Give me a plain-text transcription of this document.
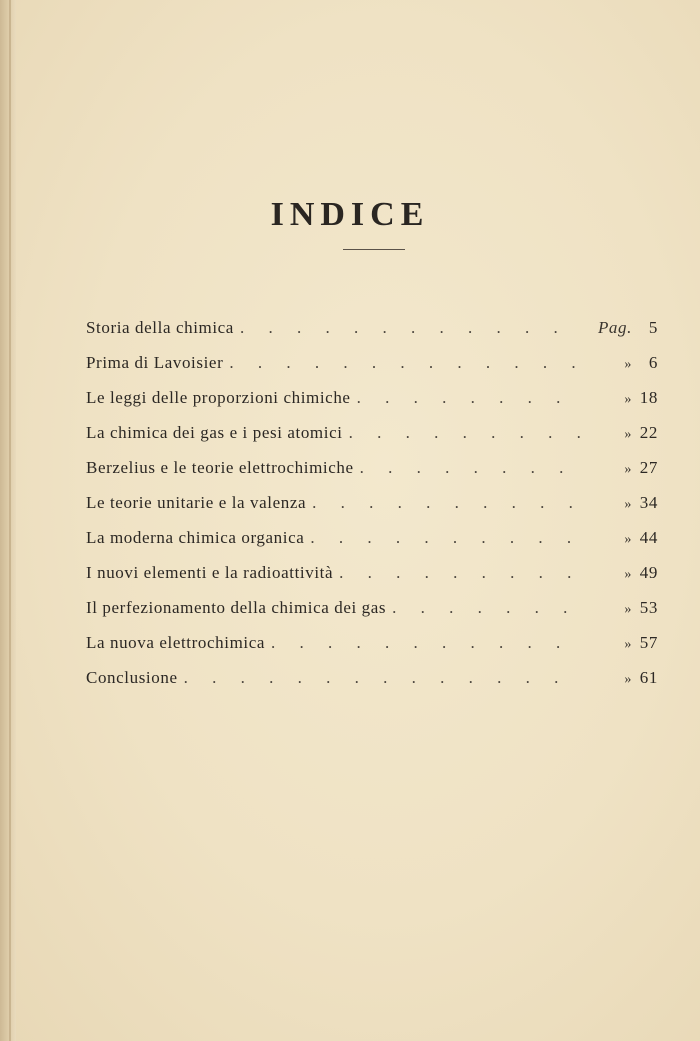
INDICE
Storia della chimica . . .	Pag. 5
Prima di Lavoisier . . .	» 6
Le leggi delle proporzioni chimiche . . .	» 18
La chimica dei gas e i pesi atomici . . .	» 22
Berzelius e le teorie elettrochimiche . . .	» 27
Le teorie unitarie e la valenza . . .	» 34
La moderna chimica organica . . .	» 44
I nuovi elementi e la radioattività . . .	» 49
Il perfezionamento della chimica dei gas . . .	» 53
La nuova elettrochimica . . .	» 57
Conclusione . . .	» 61
